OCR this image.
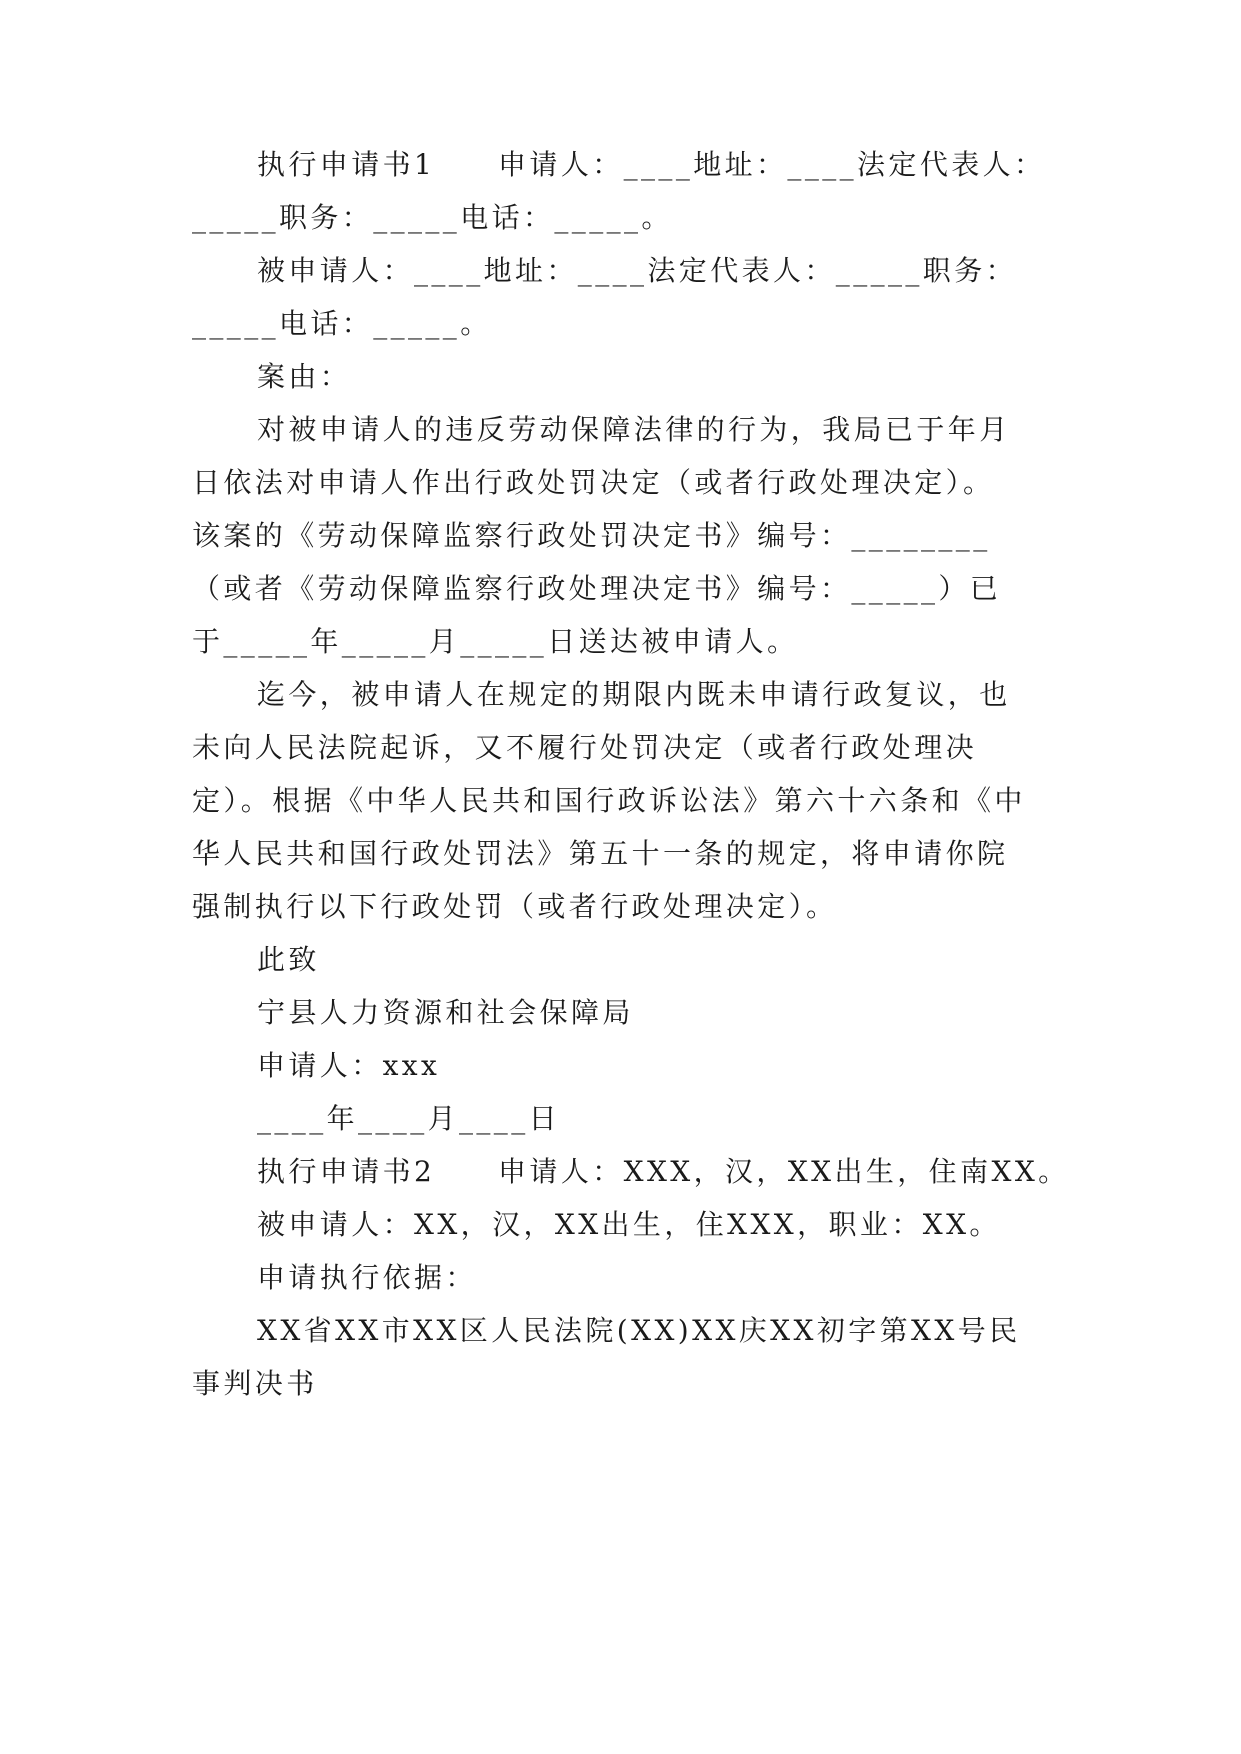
执行申请书1　　申请人：____地址：____法定代表人：
_____职务：_____电话：_____。
被申请人：____地址：____法定代表人：_____职务：
_____电话：_____。
案由：
对被申请人的违反劳动保障法律的行为，我局已于年月
日依法对申请人作出行政处罚决定（或者行政处理决定）。
该案的《劳动保障监察行政处罚决定书》编号：________
（或者《劳动保障监察行政处理决定书》编号：_____）已
于_____年_____月_____日送达被申请人。
迄今，被申请人在规定的期限内既未申请行政复议，也
未向人民法院起诉，又不履行处罚决定（或者行政处理决
定）。根据《中华人民共和国行政诉讼法》第六十六条和《中
华人民共和国行政处罚法》第五十一条的规定，将申请你院
强制执行以下行政处罚（或者行政处理决定）。
此致
宁县人力资源和社会保障局
申请人：xxx
____年____月____日
执行申请书2　　申请人：XXX，汉，XX出生，住南XX。
被申请人：XX，汉，XX出生，住XXX，职业：XX。
申请执行依据：
XX省XX市XX区人民法院(XX)XX庆XX初字第XX号民
事判决书
